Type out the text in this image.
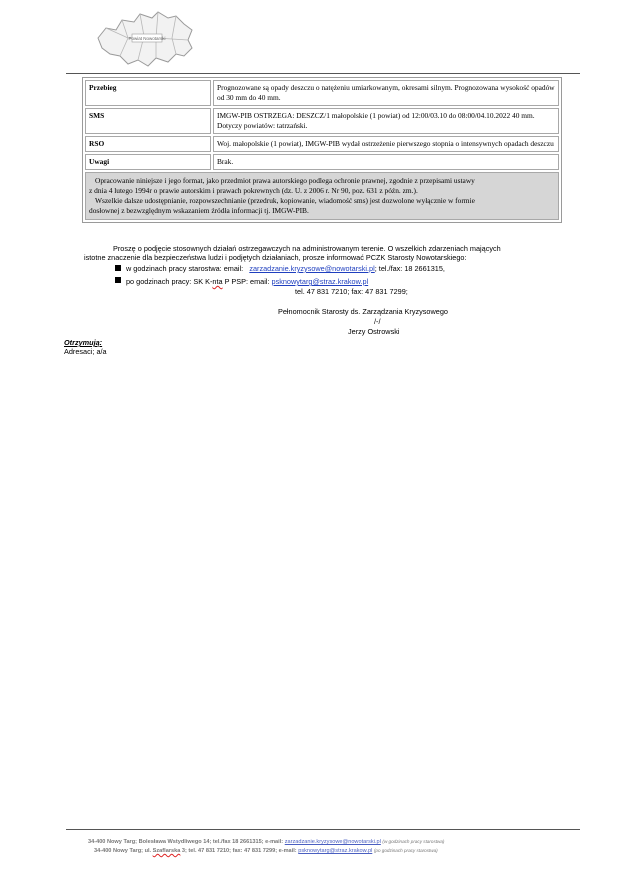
Powiat Nowotarski
Przebieg	Prognozowane są opady deszczu o natężeniu umiarkowanym, okresami silnym. Prognozowana wysokość opadów od 30 mm do 40 mm.
SMS	IMGW-PIB OSTRZEGA: DESZCZ/1 małopolskie (1 powiat) od 12:00/03.10 do 08:00/04.10.2022 40 mm. Dotyczy powiatów: tatrzański.
RSO	Woj. małopolskie (1 powiat), IMGW-PIB wydał ostrzeżenie pierwszego stopnia o intensywnych opadach deszczu
Uwagi	Brak.

Opracowanie niniejsze i jego format, jako przedmiot prawa autorskiego podlega ochronie prawnej, zgodnie z przepisami ustawy
z dnia 4 lutego 1994r o prawie autorskim i prawach pokrewnych (dz. U. z 2006 r. Nr 90, poz. 631 z późn. zm.).
Wszelkie dalsze udostępnianie, rozpowszechnianie (przedruk, kopiowanie, wiadomość sms) jest dozwolone wyłącznie w formie
dosłownej z bezwzględnym wskazaniem źródła informacji tj. IMGW-PIB.	
Proszę o podjęcie stosownych działań ostrzegawczych na administrowanym terenie. O wszelkich zdarzeniach mających
istotne znaczenie dla bezpieczeństwa ludzi i podjętych działaniach, prosze informować PCZK Starosty Nowotarskiego:
w godzinach pracy starostwa: email: zarzadzanie.kryzysowe@nowotarski.pl; tel./fax: 18 2661315,
po godzinach pracy: SK K-nta P PSP: email: psknowytarg@straz.krakow.pl
tel. 47 831 7210; fax: 47 831 7299;
Pełnomocnik Starosty ds. Zarządzania Kryzysowego
/-/
Jerzy Ostrowski
Otrzymują:
Adresaci; a/a
34-400 Nowy Targ; Bolesława Wstydliwego 14; tel./fax 18 2661315; e-mail: zarzadzanie.kryzysowe@nowotarski.pl (w godzinach pracy starostwa)
34-400 Nowy Targ; ul. Szaflarska 3; tel. 47 831 7210; fax: 47 831 7299; e-mail: psknowytarg@straz.krakow.pl (po godzinach pracy starostwa)
